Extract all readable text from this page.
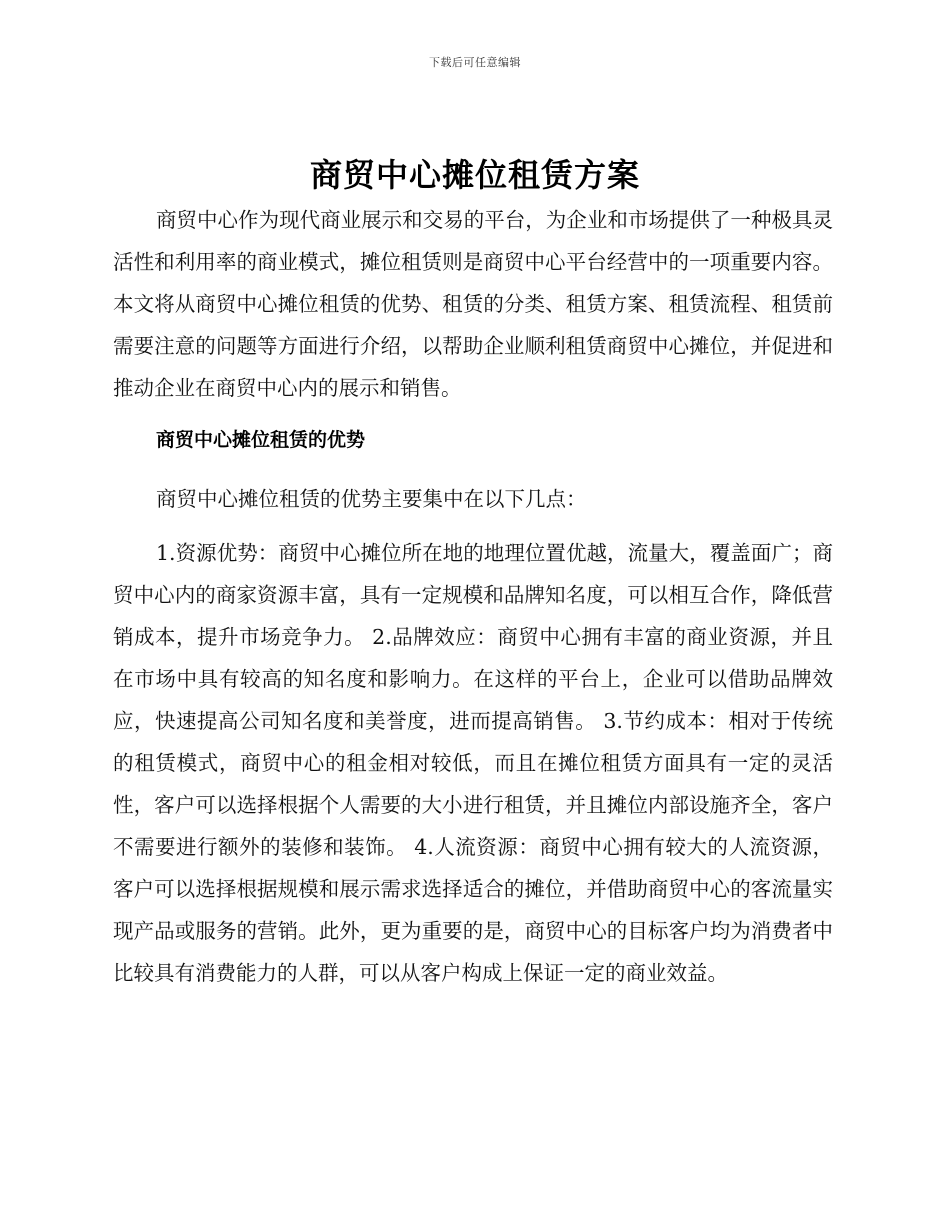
下载后可任意编辑
商贸中心摊位租赁方案
商贸中心作为现代商业展示和交易的平台，为企业和市场提供了一种极具灵活性和利用率的商业模式，摊位租赁则是商贸中心平台经营中的一项重要内容。本文将从商贸中心摊位租赁的优势、租赁的分类、租赁方案、租赁流程、租赁前需要注意的问题等方面进行介绍，以帮助企业顺利租赁商贸中心摊位，并促进和推动企业在商贸中心内的展示和销售。
商贸中心摊位租赁的优势
商贸中心摊位租赁的优势主要集中在以下几点：
1.资源优势：商贸中心摊位所在地的地理位置优越，流量大，覆盖面广；商贸中心内的商家资源丰富，具有一定规模和品牌知名度，可以相互合作，降低营销成本，提升市场竞争力。 2.品牌效应：商贸中心拥有丰富的商业资源，并且在市场中具有较高的知名度和影响力。在这样的平台上，企业可以借助品牌效应，快速提高公司知名度和美誉度，进而提高销售。 3.节约成本：相对于传统的租赁模式，商贸中心的租金相对较低，而且在摊位租赁方面具有一定的灵活性，客户可以选择根据个人需要的大小进行租赁，并且摊位内部设施齐全，客户不需要进行额外的装修和装饰。 4.人流资源：商贸中心拥有较大的人流资源，客户可以选择根据规模和展示需求选择适合的摊位，并借助商贸中心的客流量实现产品或服务的营销。此外，更为重要的是，商贸中心的目标客户均为消费者中比较具有消费能力的人群，可以从客户构成上保证一定的商业效益。
